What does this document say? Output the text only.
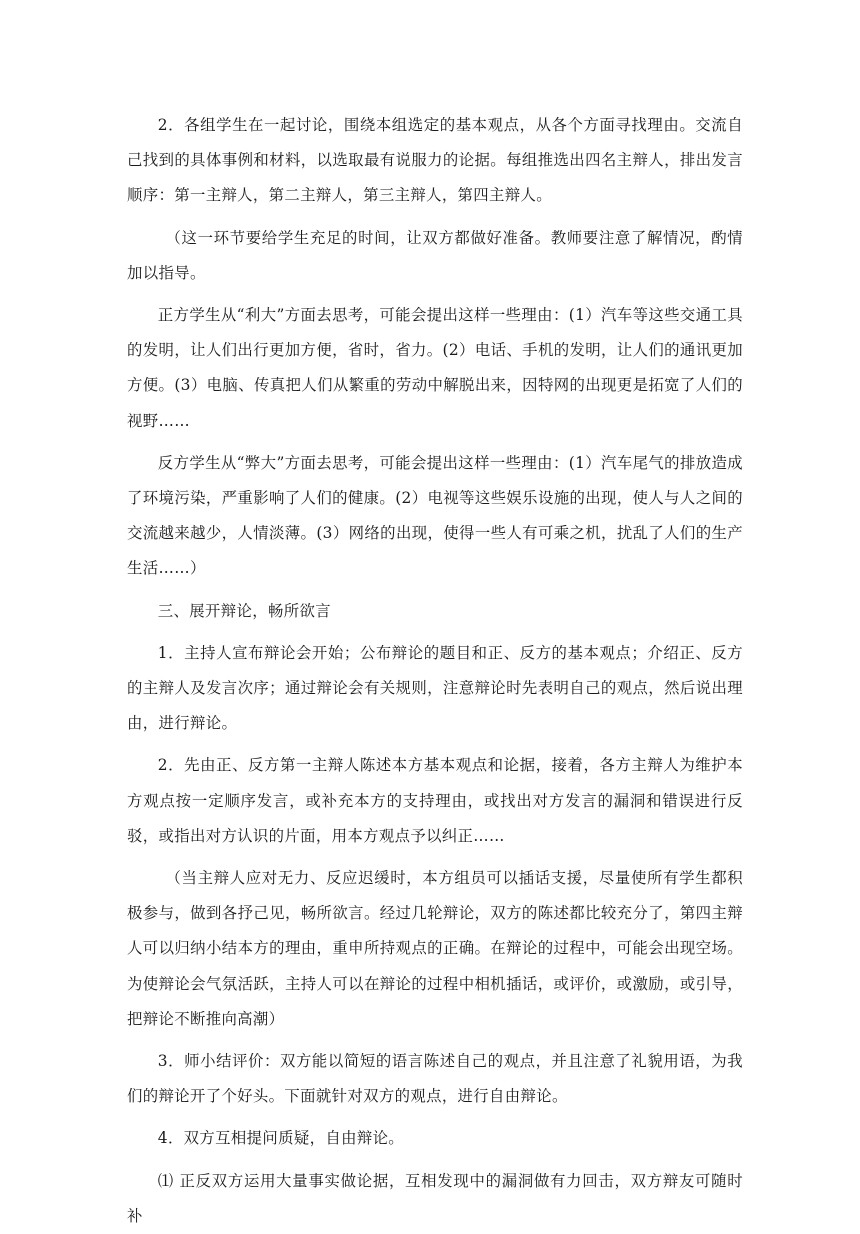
2．各组学生在一起讨论，围绕本组选定的基本观点，从各个方面寻找理由。交流自己找到的具体事例和材料，以选取最有说服力的论据。每组推选出四名主辩人，排出发言顺序：第一主辩人，第二主辩人，第三主辩人，第四主辩人。

（这一环节要给学生充足的时间，让双方都做好准备。教师要注意了解情况，酌情加以指导。

正方学生从“利大”方面去思考，可能会提出这样一些理由：(1）汽车等这些交通工具的发明，让人们出行更加方便，省时，省力。(2）电话、手机的发明，让人们的通讯更加方便。(3）电脑、传真把人们从繁重的劳动中解脱出来，因特网的出现更是拓宽了人们的视野……

反方学生从“弊大”方面去思考，可能会提出这样一些理由：(1）汽车尾气的排放造成了环境污染，严重影响了人们的健康。(2）电视等这些娱乐设施的出现，使人与人之间的交流越来越少，人情淡薄。(3）网络的出现，使得一些人有可乘之机，扰乱了人们的生产生活……）

三、展开辩论，畅所欲言

1．主持人宣布辩论会开始；公布辩论的题目和正、反方的基本观点；介绍正、反方的主辩人及发言次序；通过辩论会有关规则，注意辩论时先表明自己的观点，然后说出理由，进行辩论。

2．先由正、反方第一主辩人陈述本方基本观点和论据，接着，各方主辩人为维护本方观点按一定顺序发言，或补充本方的支持理由，或找出对方发言的漏洞和错误进行反驳，或指出对方认识的片面，用本方观点予以纠正……

（当主辩人应对无力、反应迟缓时，本方组员可以插话支援，尽量使所有学生都积极参与，做到各抒己见，畅所欲言。经过几轮辩论，双方的陈述都比较充分了，第四主辩人可以归纳小结本方的理由，重申所持观点的正确。在辩论的过程中，可能会出现空场。为使辩论会气氛活跃，主持人可以在辩论的过程中相机插话，或评价，或激励，或引导，把辩论不断推向高潮）

3．师小结评价：双方能以简短的语言陈述自己的观点，并且注意了礼貌用语，为我们的辩论开了个好头。下面就针对双方的观点，进行自由辩论。

4．双方互相提问质疑，自由辩论。

⑴ 正反双方运用大量事实做论据，互相发现中的漏洞做有力回击，双方辩友可随时补
